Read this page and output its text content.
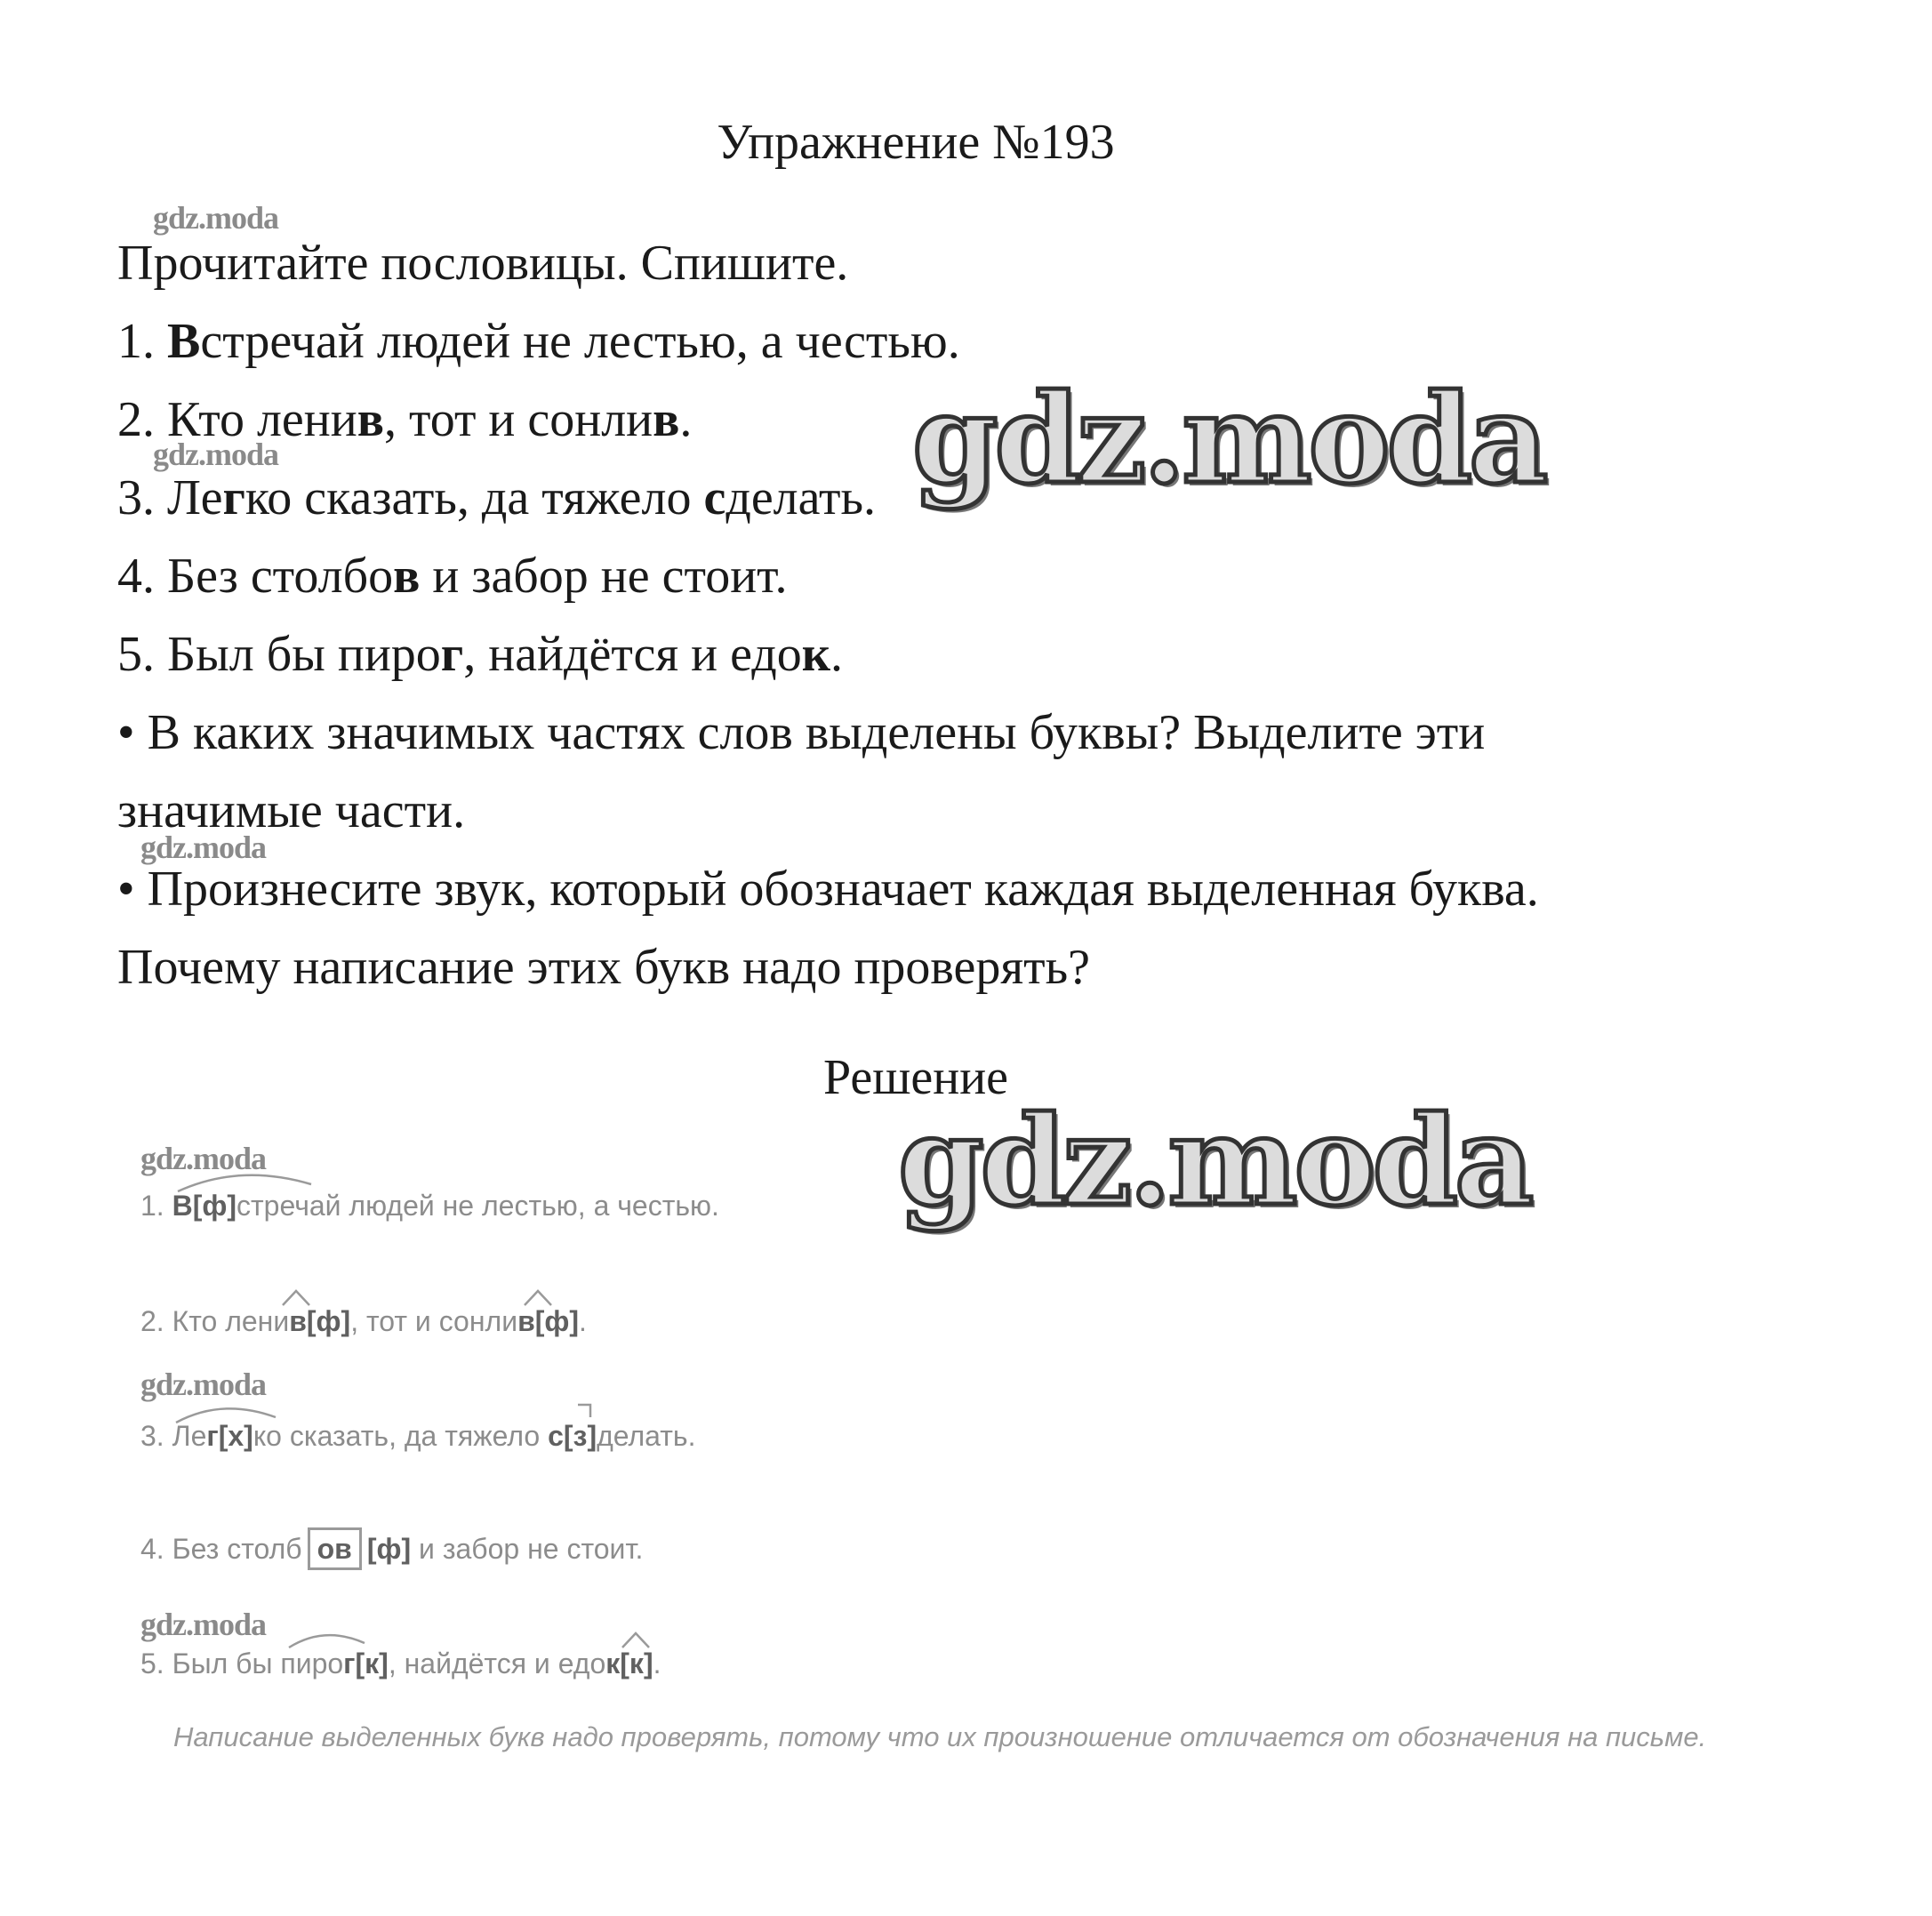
Упражнение №193
gdz.moda
gdz.moda
gdz.moda
gdz.moda
gdz.moda
gdz.moda
Прочитайте пословицы. Спишите.
1. Встречай людей не лестью, а честью.
2. Кто ленив, тот и сонлив.
3. Легко сказать, да тяжело сделать.
4. Без столбов и забор не стоит.
5. Был бы пирог, найдётся и едок.
• В каких значимых частях слов выделены буквы? Выделите эти
значимые части.
• Произнесите звук, который обозначает каждая выделенная буква.
Почему написание этих букв надо проверять?
gdz.moda
gdz.moda
Решение
1. В[ф]стречай людей не лестью, а честью.
2. Кто ленив[ф], тот и сонлив[ф].
3. Лег[х]ко сказать, да тяжело с[з]делать.
4. Без столб ов [ф] и забор не стоит.
5. Был бы пирог[к], найдётся и едок[к].
Написание выделенных букв надо проверять, потому что их произношение отличается от обозначения на письме.
